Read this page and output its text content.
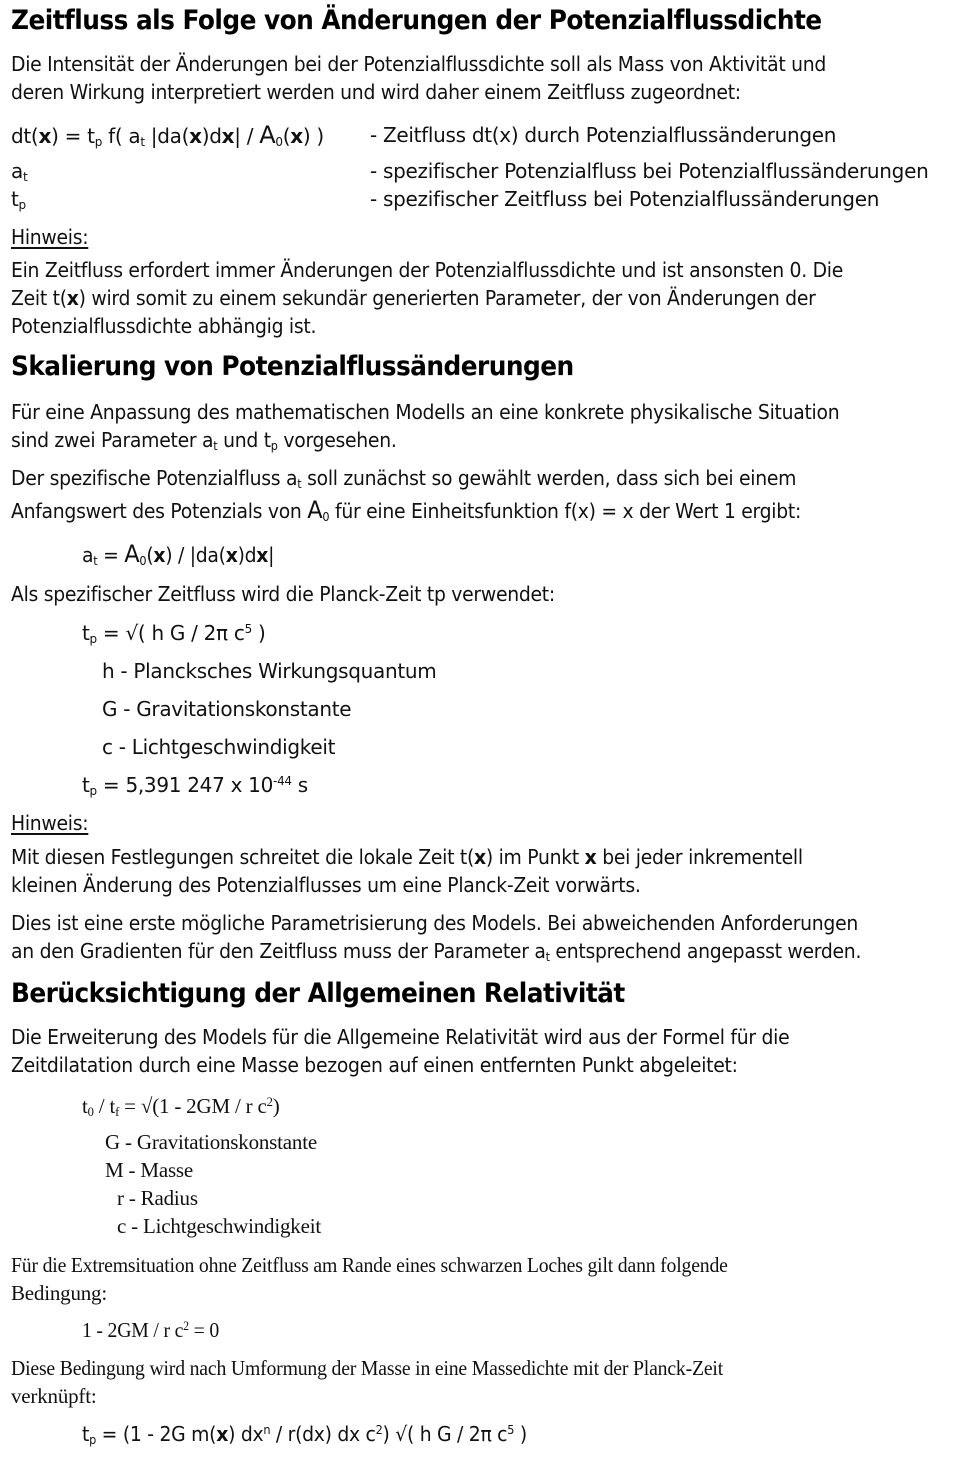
Zeitfluss als Folge von Änderungen der Potenzialflussdichte

Die Intensität der Änderungen bei der Potenzialflussdichte soll als Mass von Aktivität und

deren Wirkung interpretiert werden und wird daher einem Zeitfluss zugeordnet:

$dt(x) = t_p$ f( $a_t$ $|da(x)dx| / A_0(x)$ ) - Zeitfluss dt(x) durch Potenzialflussänderungen
$a_t$	- spezifischer Potenzialfluss bei Potenzialflussänderungen
$t_p$	- spezifischer Zeitfluss bei Potenzialflussänderungen

Hinweis:

Ein Zeitfluss erfordert immer Änderungen der Potenzialflussdichte und ist ansonsten 0. Die

Zeit t(x) wird somit zu einem sekundär generierten Parameter, der von Änderungen der

Potenzialflussdichte abhängig ist.

Skalierung von Potenzialflussänderungen

Für eine Anpassung des mathematischen Modells an eine konkrete physikalische Situation

sind zwei Parameter $a_t$ und $t_p$ vorgesehen.

Der spezifische Potenzialfluss $a_t$ soll zunächst so gewählt werden, dass sich bei einem

Anfangswert des Potenzials von $A_0$ für eine Einheitsfunktion f(x) = x der Wert 1 ergibt:

$a_t = A_0(x) / |da(x)dx|$

Als spezifischer Zeitfluss wird die Planck-Zeit tp verwendet:

$t_p$ = √( h G / 2π $c^5$ )
h - Plancksches Wirkungsquantum
G - Gravitationskonstante
c - Lichtgeschwindigkeit
$t_p = 5,391$ 247 x $10^{-44}$ s

Hinweis:

Mit diesen Festlegungen schreitet die lokale Zeit t(x) im Punkt x bei jeder inkrementell

kleinen Änderung des Potenzialflusses um eine Planck-Zeit vorwärts.

Dies ist eine erste mögliche Parametrisierung des Models. Bei abweichenden Anforderungen

an den Gradienten für den Zeitfluss muss der Parameter $a_t$ entsprechend angepasst werden.

Berücksichtigung der Allgemeinen Relativität

Die Erweiterung des Models für die Allgemeine Relativität wird aus der Formel für die

Zeitdilatation durch eine Masse bezogen auf einen entfernten Punkt abgeleitet:

$t_0 / t_f = √(1 - 2GM / r$ $c^2$)
G - Gravitationskonstante
M - Masse
r - Radius
c - Lichtgeschwindigkeit

Für die Extremsituation ohne Zeitfluss am Rande eines schwarzen Loches gilt dann folgende

Bedingung:

1 - 2GM / r $c^2 = 0$

Diese Bedingung wird nach Umformung der Masse in eine Massedichte mit der Planck-Zeit

verknüpft:

$t_p = (1 - 2G$ m(x) $dx^n / r(dx)$ dx $c^2$) √( h G / 2π $c^5$ )
